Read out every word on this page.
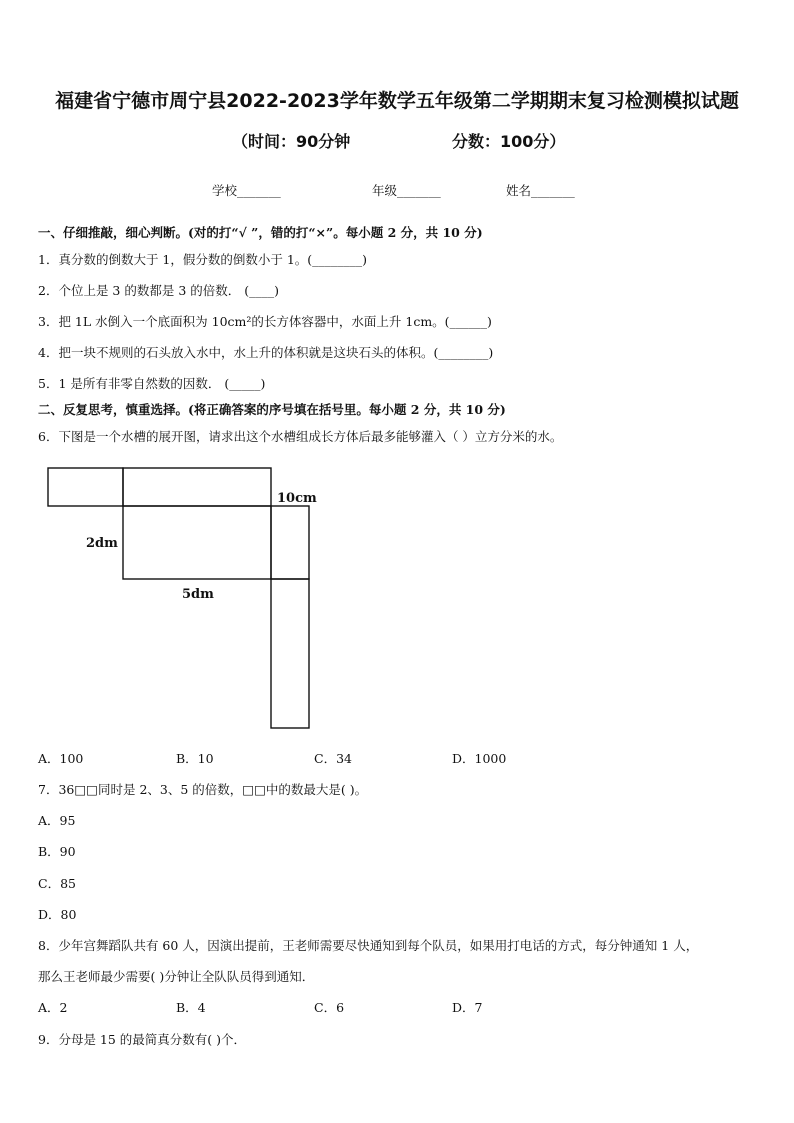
福建省宁德市周宁县2022-2023学年数学五年级第二学期期末复习检测模拟试题
（时间：90分钟	分数：100分）
学校_______	年级_______	姓名_______
一、仔细推敲，细心判断。(对的打“√ ”，错的打“×”。每小题 2 分，共 10 分)
1．真分数的倒数大于 1，假分数的倒数小于 1。(________)
2．个位上是 3 的数都是 3 的倍数． (____)
3．把 1L 水倒入一个底面积为 10cm²的长方体容器中，水面上升 1cm。(______)
4．把一块不规则的石头放入水中，水上升的体积就是这块石头的体积。(________)
5．1 是所有非零自然数的因数． (_____)
二、反复思考，慎重选择。(将正确答案的序号填在括号里。每小题 2 分，共 10 分)
6．下图是一个水槽的展开图，请求出这个水槽组成长方体后最多能够灌入（ ）立方分米的水。
10cm
2dm
5dm
A．100	B．10	C．34	D．1000
7．36□□同时是 2、3、5 的倍数，□□中的数最大是( )。
A．95
B．90
C．85
D．80
8．少年宫舞蹈队共有 60 人，因演出提前，王老师需要尽快通知到每个队员，如果用打电话的方式，每分钟通知 1 人，
那么王老师最少需要( )分钟让全队队员得到通知．
A．2	B．4	C．6	D．7
9．分母是 15 的最简真分数有( )个．
